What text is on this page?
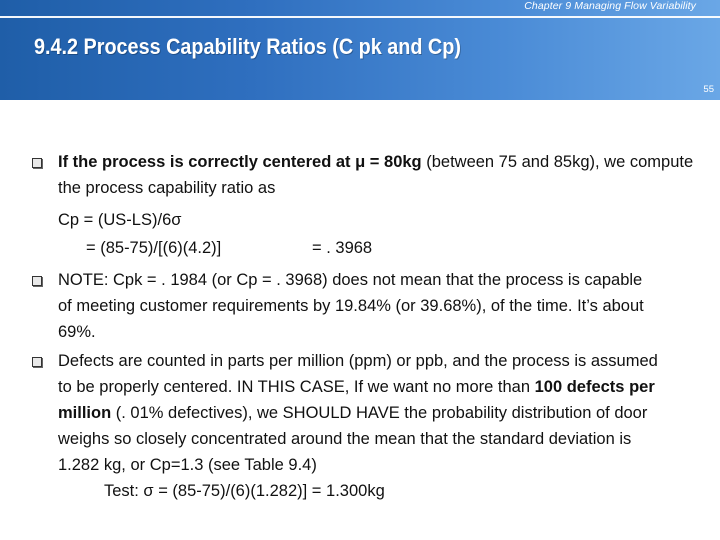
Chapter 9 Managing Flow Variability
9.4.2 Process Capability Ratios (C pk and Cp)
55
If the process is correctly centered at μ = 80kg (between 75 and 85kg), we compute the process capability ratio as
Cp = (US-LS)/6σ
= (85-75)/[(6)(4.2)]	= . 3968
NOTE: Cpk = . 1984 (or Cp = . 3968) does not mean that the process is capable of meeting customer requirements by 19.84% (or 39.68%), of the time. It’s about 69%.
Defects are counted in parts per million (ppm) or ppb, and the process is assumed to be properly centered. IN THIS CASE, If we want no more than 100 defects per million (. 01% defectives), we SHOULD HAVE the probability distribution of door weighs so closely concentrated around the mean that the standard deviation is 1.282 kg, or Cp=1.3 (see Table 9.4)
Test: σ = (85-75)/(6)(1.282)] = 1.300kg
